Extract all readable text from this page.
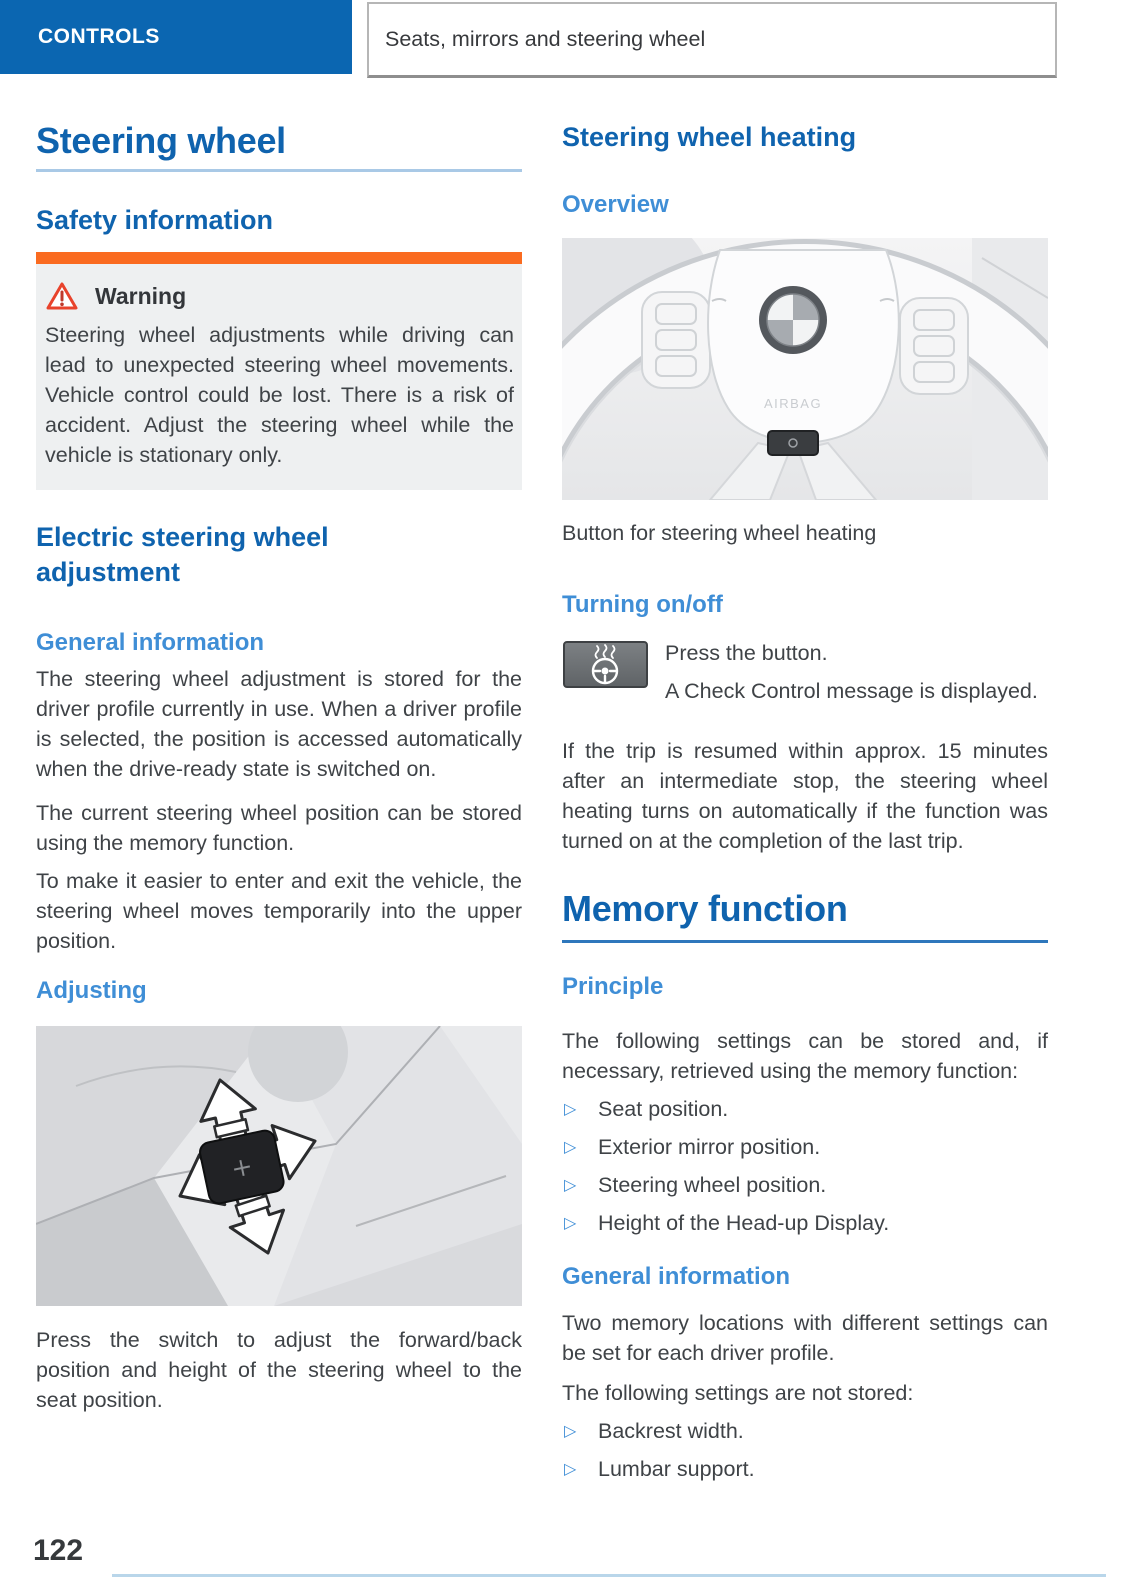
CONTROLS	Seats, mirrors and steering wheel
Steering wheel
Safety information
Warning

Steering wheel adjustments while driving can lead to unexpected steering wheel movements. Vehicle control could be lost. There is a risk of accident. Adjust the steering wheel while the vehicle is stationary only.

Electric steering wheel adjustment
General information
The steering wheel adjustment is stored for the driver profile currently in use. When a driver profile is selected, the position is accessed automatically when the drive-ready state is switched on.
The current steering wheel position can be stored using the memory function.
To make it easier to enter and exit the vehicle, the steering wheel moves temporarily into the upper position.
Adjusting
Press the switch to adjust the forward/back position and height of the steering wheel to the seat position.
Steering wheel heating
Overview
AIRBAG
Button for steering wheel heating
Turning on/off
Press the button.
A Check Control message is displayed.
If the trip is resumed within approx. 15 minutes after an intermediate stop, the steering wheel heating turns on automatically if the function was turned on at the completion of the last trip.
Memory function
Principle
The following settings can be stored and, if necessary, retrieved using the memory function:
▷ Seat position.
▷ Exterior mirror position.
▷ Steering wheel position.
▷ Height of the Head-up Display.
General information
Two memory locations with different settings can be set for each driver profile.
The following settings are not stored:
▷ Backrest width.
▷ Lumbar support.
122
